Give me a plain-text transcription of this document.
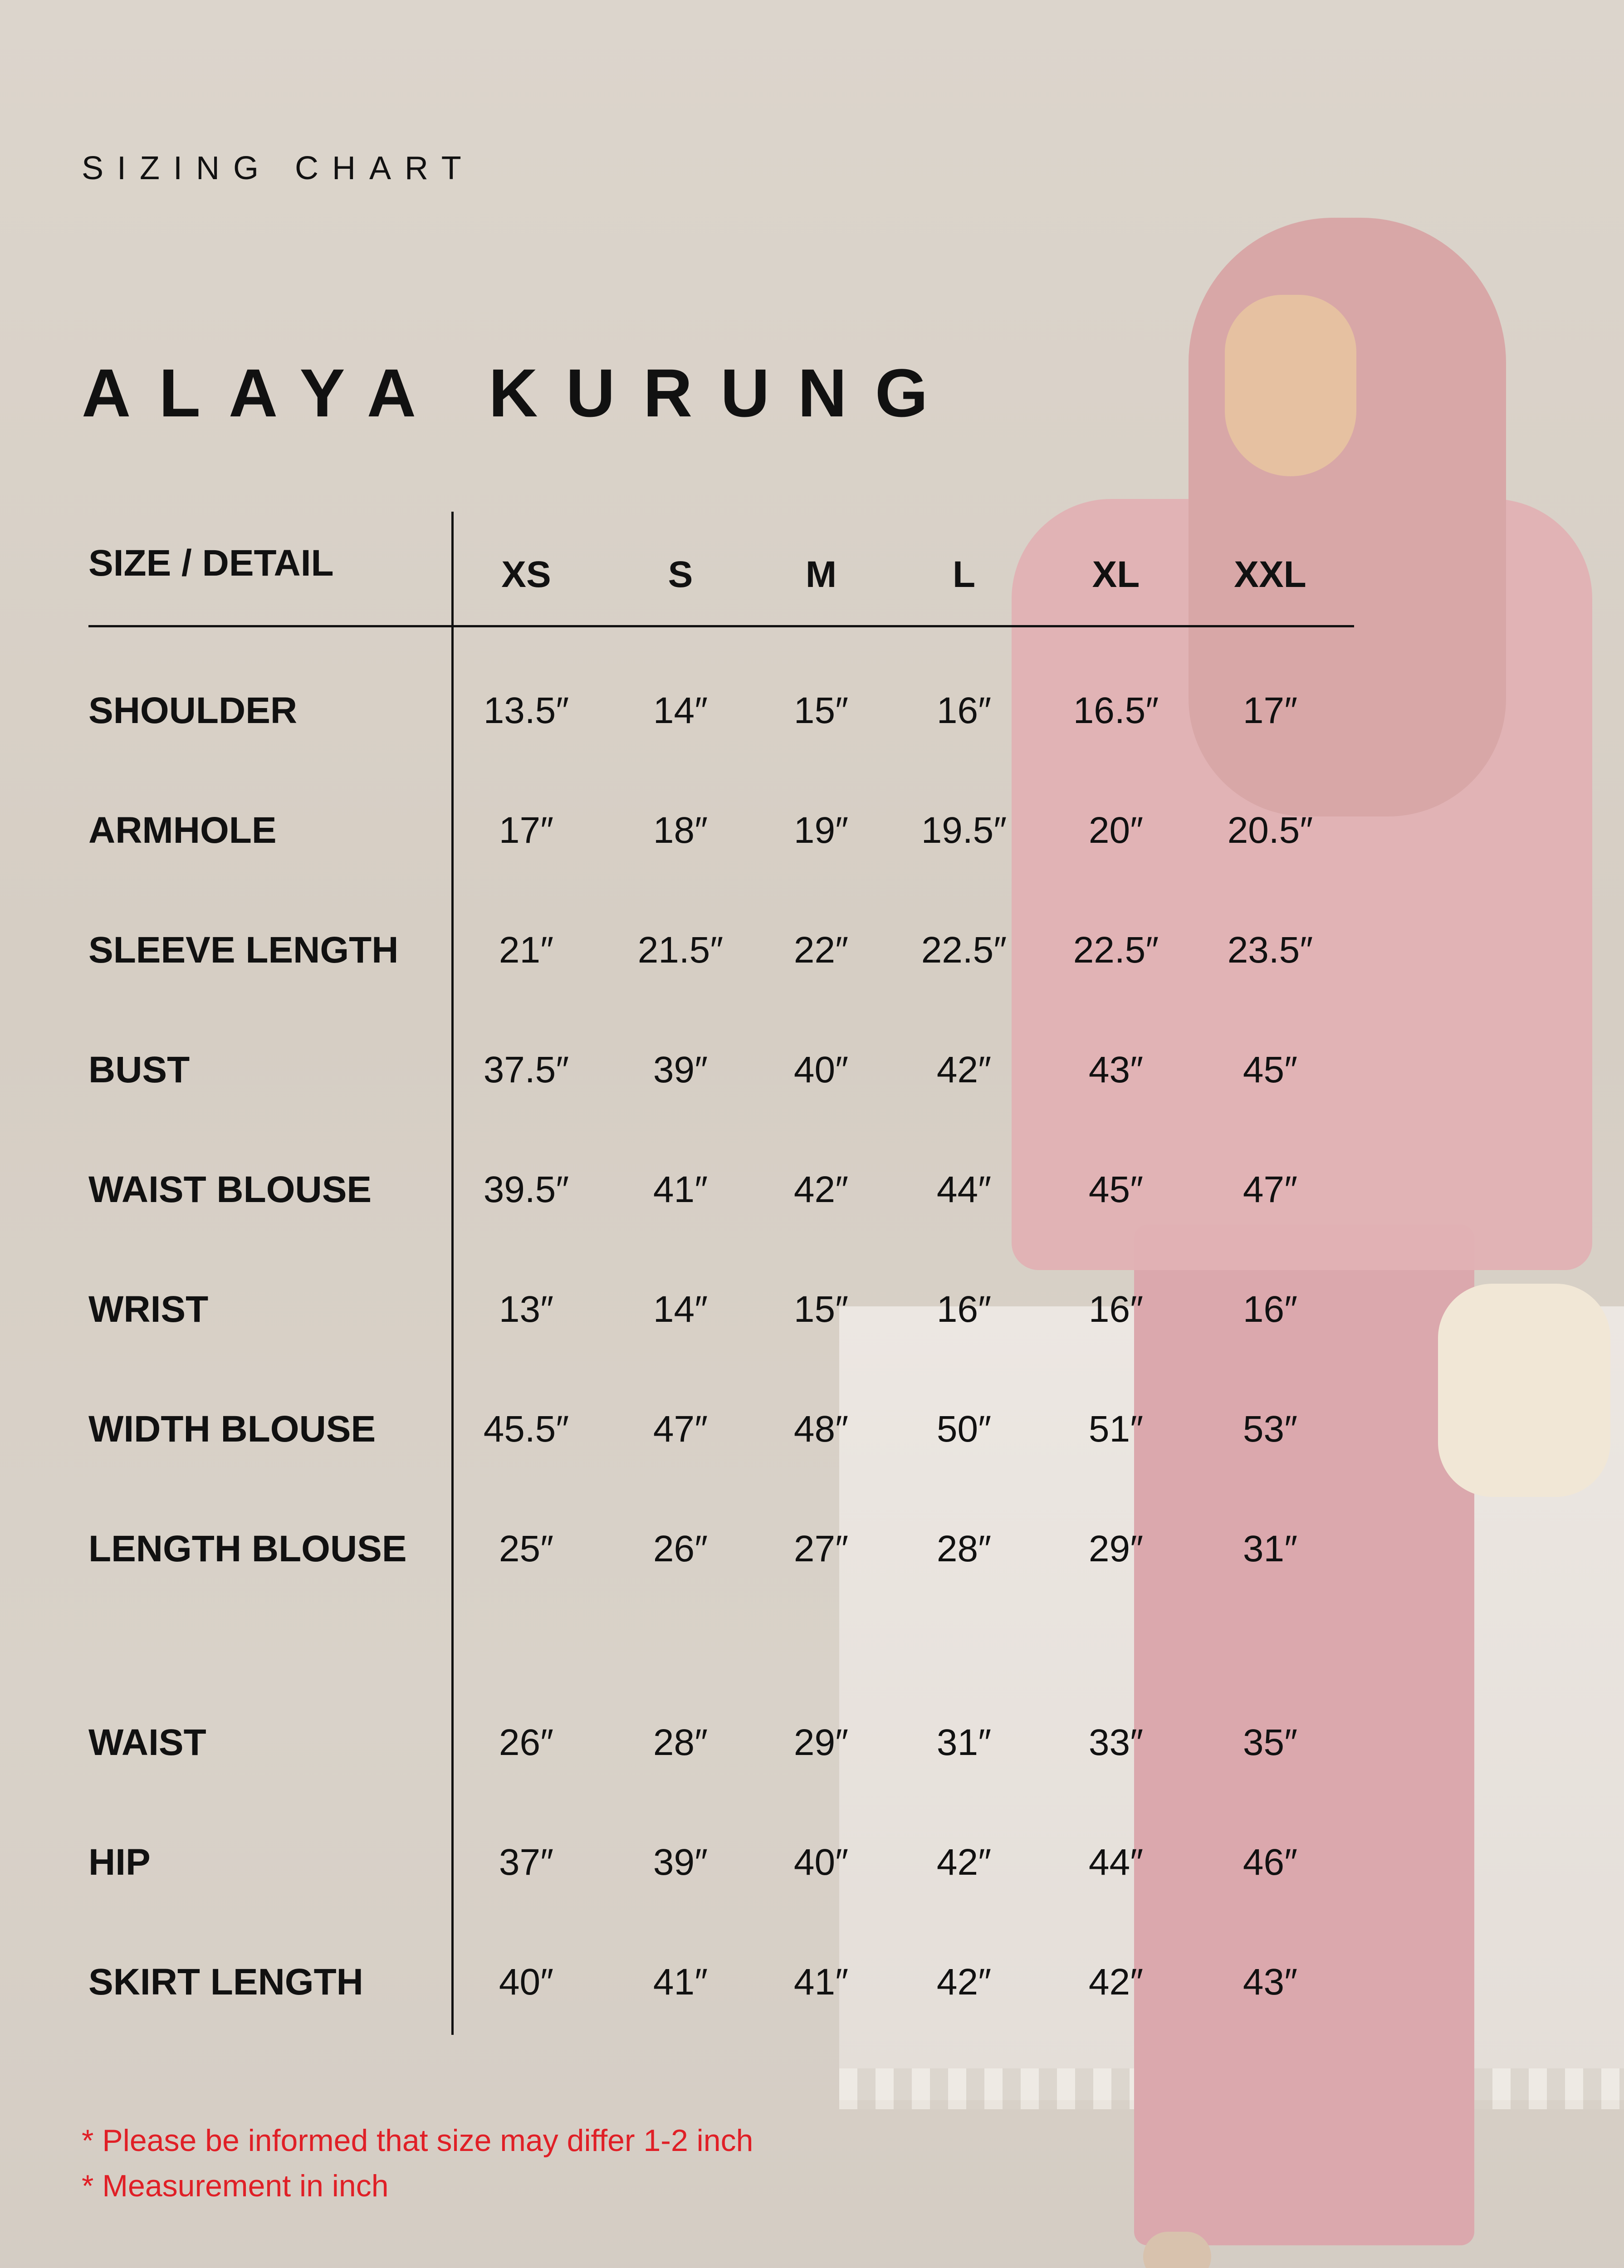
SIZING CHART
ALAYA KURUNG
SIZE / DETAIL	XS	S	M	L	XL	XXL
SHOULDER	13.5″	14″	15″	16″	16.5″	17″
ARMHOLE	17″	18″	19″	19.5″	20″	20.5″
SLEEVE LENGTH	21″	21.5″	22″	22.5″	22.5″	23.5″
BUST	37.5″	39″	40″	42″	43″	45″
WAIST BLOUSE	39.5″	41″	42″	44″	45″	47″
WRIST	13″	14″	15″	16″	16″	16″
WIDTH BLOUSE	45.5″	47″	48″	50″	51″	53″
LENGTH BLOUSE	25″	26″	27″	28″	29″	31″
WAIST	26″	28″	29″	31″	33″	35″
HIP	37″	39″	40″	42″	44″	46″
SKIRT LENGTH	40″	41″	41″	42″	42″	43″
* Please be informed that size may differ 1-2 inch
* Measurement in inch
